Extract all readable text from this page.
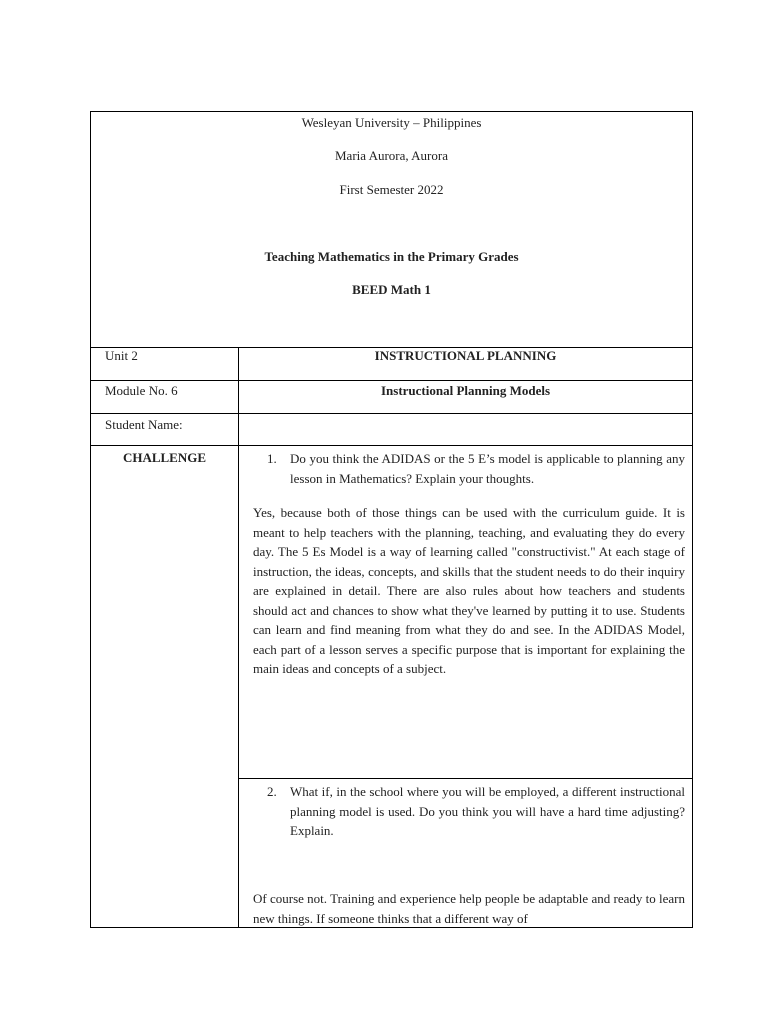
Wesleyan University – Philippines
Maria Aurora, Aurora
First Semester 2022
Teaching Mathematics in the Primary Grades
BEED Math 1
Unit 2	INSTRUCTIONAL PLANNING
Module No. 6	Instructional Planning Models
Student Name:
CHALLENGE	1. Do you think the ADIDAS or the 5 E’s model is applicable to planning any lesson in Mathematics? Explain your thoughts.
Yes, because both of those things can be used with the curriculum guide. It is meant to help teachers with the planning, teaching, and evaluating they do every day. The 5 Es Model is a way of learning called "constructivist." At each stage of instruction, the ideas, concepts, and skills that the student needs to do their inquiry are explained in detail. There are also rules about how teachers and students should act and chances to show what they've learned by putting it to use. Students can learn and find meaning from what they do and see. In the ADIDAS Model, each part of a lesson serves a specific purpose that is important for explaining the main ideas and concepts of a subject.
2. What if, in the school where you will be employed, a different instructional planning model is used. Do you think you will have a hard time adjusting? Explain.
Of course not. Training and experience help people be adaptable and ready to learn new things. If someone thinks that a different way of
